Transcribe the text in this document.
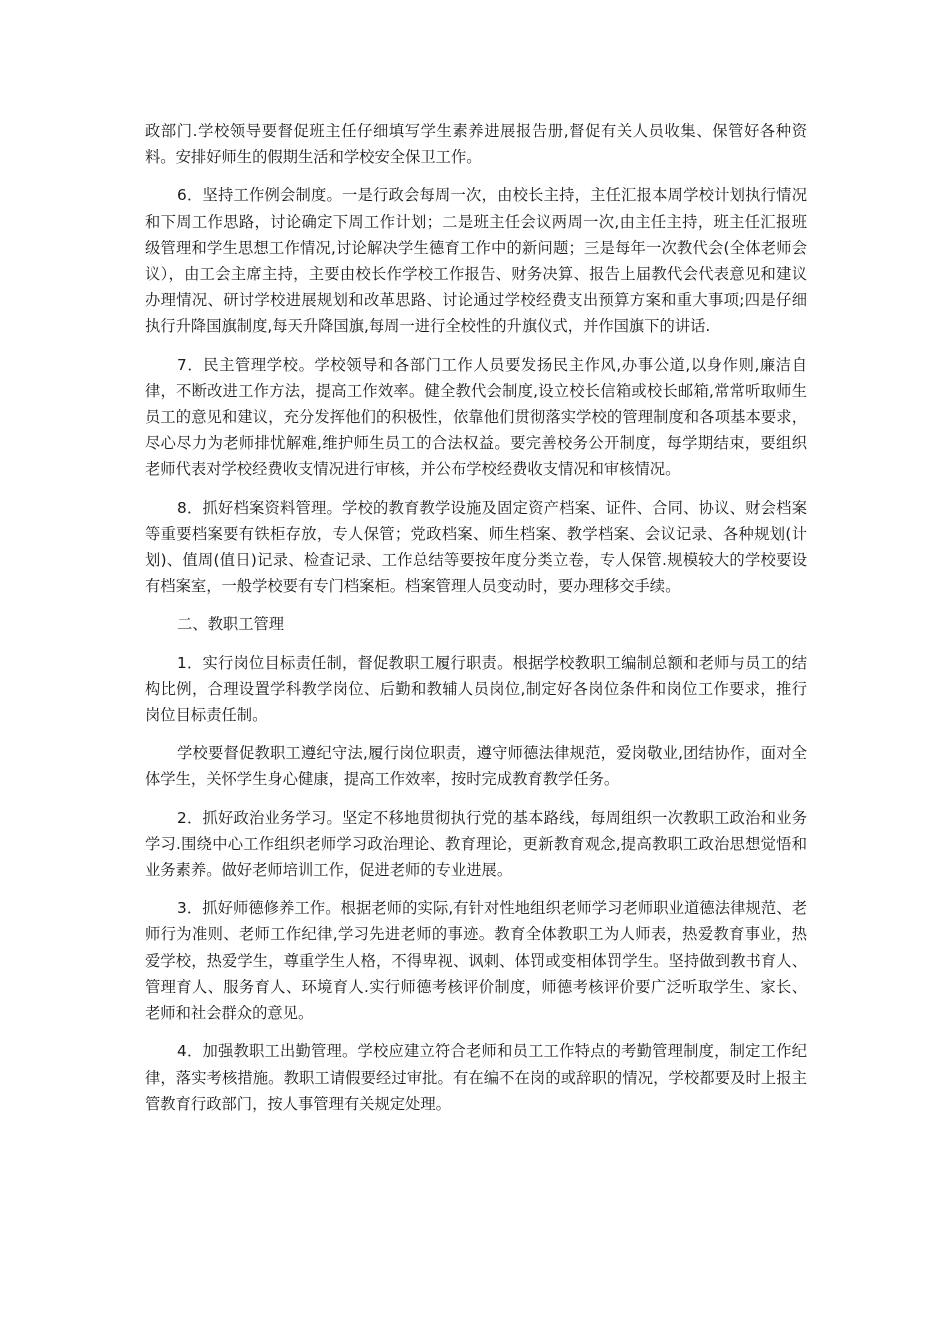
政部门.学校领导要督促班主任仔细填写学生素养进展报告册,督促有关人员收集、保管好各种资料。安排好师生的假期生活和学校安全保卫工作。

6．坚持工作例会制度。一是行政会每周一次，由校长主持，主任汇报本周学校计划执行情况和下周工作思路，讨论确定下周工作计划；二是班主任会议两周一次,由主任主持，班主任汇报班级管理和学生思想工作情况,讨论解决学生德育工作中的新问题；三是每年一次教代会(全体老师会议），由工会主席主持，主要由校长作学校工作报告、财务决算、报告上届教代会代表意见和建议办理情况、研讨学校进展规划和改革思路、讨论通过学校经费支出预算方案和重大事项;四是仔细执行升降国旗制度,每天升降国旗,每周一进行全校性的升旗仪式，并作国旗下的讲话.

7．民主管理学校。学校领导和各部门工作人员要发扬民主作风,办事公道,以身作则,廉洁自律，不断改进工作方法，提高工作效率。健全教代会制度,设立校长信箱或校长邮箱,常常听取师生员工的意见和建议，充分发挥他们的积极性，依靠他们贯彻落实学校的管理制度和各项基本要求，尽心尽力为老师排忧解难,维护师生员工的合法权益。要完善校务公开制度，每学期结束，要组织老师代表对学校经费收支情况进行审核，并公布学校经费收支情况和审核情况。

8．抓好档案资料管理。学校的教育教学设施及固定资产档案、证件、合同、协议、财会档案等重要档案要有铁柜存放，专人保管；党政档案、师生档案、教学档案、会议记录、各种规划(计划)、值周(值日)记录、检查记录、工作总结等要按年度分类立卷，专人保管.规模较大的学校要设有档案室，一般学校要有专门档案柜。档案管理人员变动时，要办理移交手续。

二、教职工管理

1．实行岗位目标责任制，督促教职工履行职责。根据学校教职工编制总额和老师与员工的结构比例，合理设置学科教学岗位、后勤和教辅人员岗位,制定好各岗位条件和岗位工作要求，推行岗位目标责任制。

学校要督促教职工遵纪守法,履行岗位职责，遵守师德法律规范，爱岗敬业,团结协作，面对全体学生，关怀学生身心健康，提高工作效率，按时完成教育教学任务。

2．抓好政治业务学习。坚定不移地贯彻执行党的基本路线，每周组织一次教职工政治和业务学习.围绕中心工作组织老师学习政治理论、教育理论，更新教育观念,提高教职工政治思想觉悟和业务素养。做好老师培训工作，促进老师的专业进展。

3．抓好师德修养工作。根据老师的实际,有针对性地组织老师学习老师职业道德法律规范、老师行为准则、老师工作纪律,学习先进老师的事迹。教育全体教职工为人师表，热爱教育事业，热爱学校，热爱学生，尊重学生人格，不得卑视、讽刺、体罚或变相体罚学生。坚持做到教书育人、管理育人、服务育人、环境育人.实行师德考核评价制度，师德考核评价要广泛听取学生、家长、老师和社会群众的意见。

4．加强教职工出勤管理。学校应建立符合老师和员工工作特点的考勤管理制度，制定工作纪律，落实考核措施。教职工请假要经过审批。有在编不在岗的或辞职的情况，学校都要及时上报主管教育行政部门，按人事管理有关规定处理。
